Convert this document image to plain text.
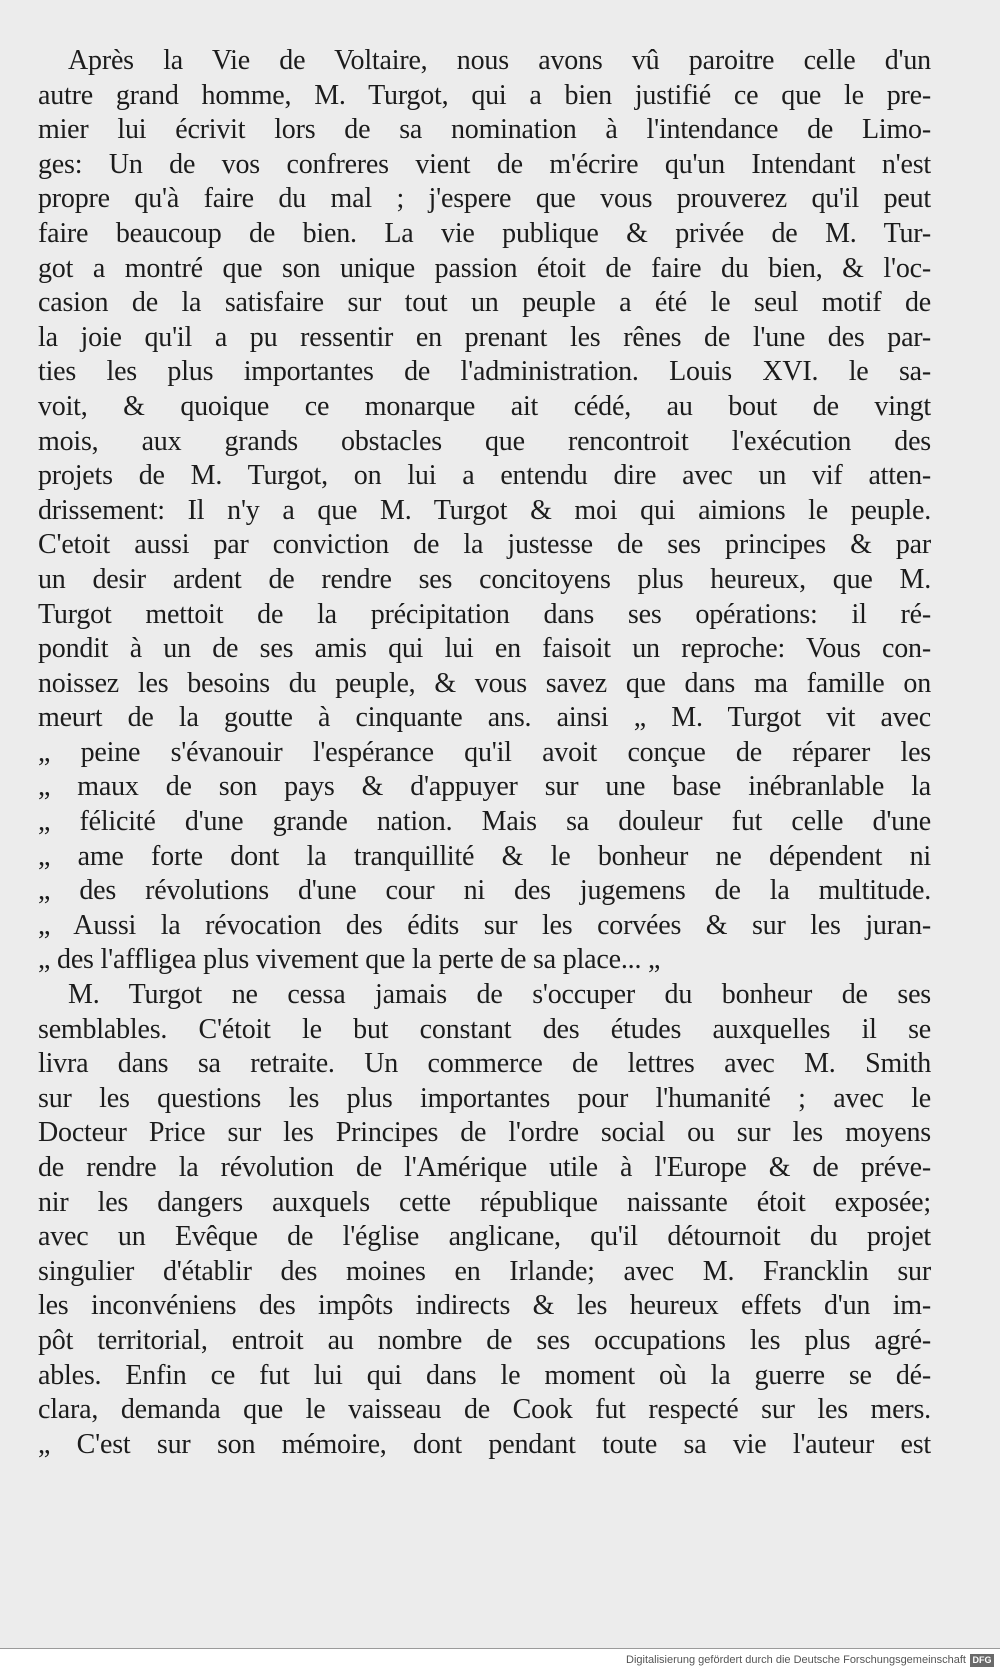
Après la Vie de Voltaire, nous avons vû paroitre celle d'un
autre grand homme, M. Turgot, qui a bien justifié ce que le pre-
mier lui écrivit lors de sa nomination à l'intendance de Limo-
ges: Un de vos confreres vient de m'écrire qu'un Intendant n'est
propre qu'à faire du mal ; j'espere que vous prouverez qu'il peut
faire beaucoup de bien. La vie publique & privée de M. Tur-
got a montré que son unique passion étoit de faire du bien, & l'oc-
casion de la satisfaire sur tout un peuple a été le seul motif de
la joie qu'il a pu ressentir en prenant les rênes de l'une des par-
ties les plus importantes de l'administration. Louis XVI. le sa-
voit, & quoique ce monarque ait cédé, au bout de vingt
mois, aux grands obstacles que rencontroit l'exécution des
projets de M. Turgot, on lui a entendu dire avec un vif atten-
drissement: Il n'y a que M. Turgot & moi qui aimions le peuple.
C'etoit aussi par conviction de la justesse de ses principes & par
un desir ardent de rendre ses concitoyens plus heureux, que M.
Turgot mettoit de la précipitation dans ses opérations: il ré-
pondit à un de ses amis qui lui en faisoit un reproche: Vous con-
noissez les besoins du peuple, & vous savez que dans ma famille on
meurt de la goutte à cinquante ans. ainsi „ M. Turgot vit avec
„ peine s'évanouir l'espérance qu'il avoit conçue de réparer les
„ maux de son pays & d'appuyer sur une base inébranlable la
„ félicité d'une grande nation. Mais sa douleur fut celle d'une
„ ame forte dont la tranquillité & le bonheur ne dépendent ni
„ des révolutions d'une cour ni des jugemens de la multitude.
„ Aussi la révocation des édits sur les corvées & sur les juran-
„ des l'affligea plus vivement que la perte de sa place... „
M. Turgot ne cessa jamais de s'occuper du bonheur de ses
semblables. C'étoit le but constant des études auxquelles il se
livra dans sa retraite. Un commerce de lettres avec M. Smith
sur les questions les plus importantes pour l'humanité ; avec le
Docteur Price sur les Principes de l'ordre social ou sur les moyens
de rendre la révolution de l'Amérique utile à l'Europe & de préve-
nir les dangers auxquels cette république naissante étoit exposée;
avec un Evêque de l'église anglicane, qu'il détournoit du projet
singulier d'établir des moines en Irlande; avec M. Francklin sur
les inconvéniens des impôts indirects & les heureux effets d'un im-
pôt territorial, entroit au nombre de ses occupations les plus agré-
ables. Enfin ce fut lui qui dans le moment où la guerre se dé-
clara, demanda que le vaisseau de Cook fut respecté sur les mers.
„ C'est sur son mémoire, dont pendant toute sa vie l'auteur est
Digitalisierung gefördert durch die Deutsche Forschungsgemeinschaft DFG
